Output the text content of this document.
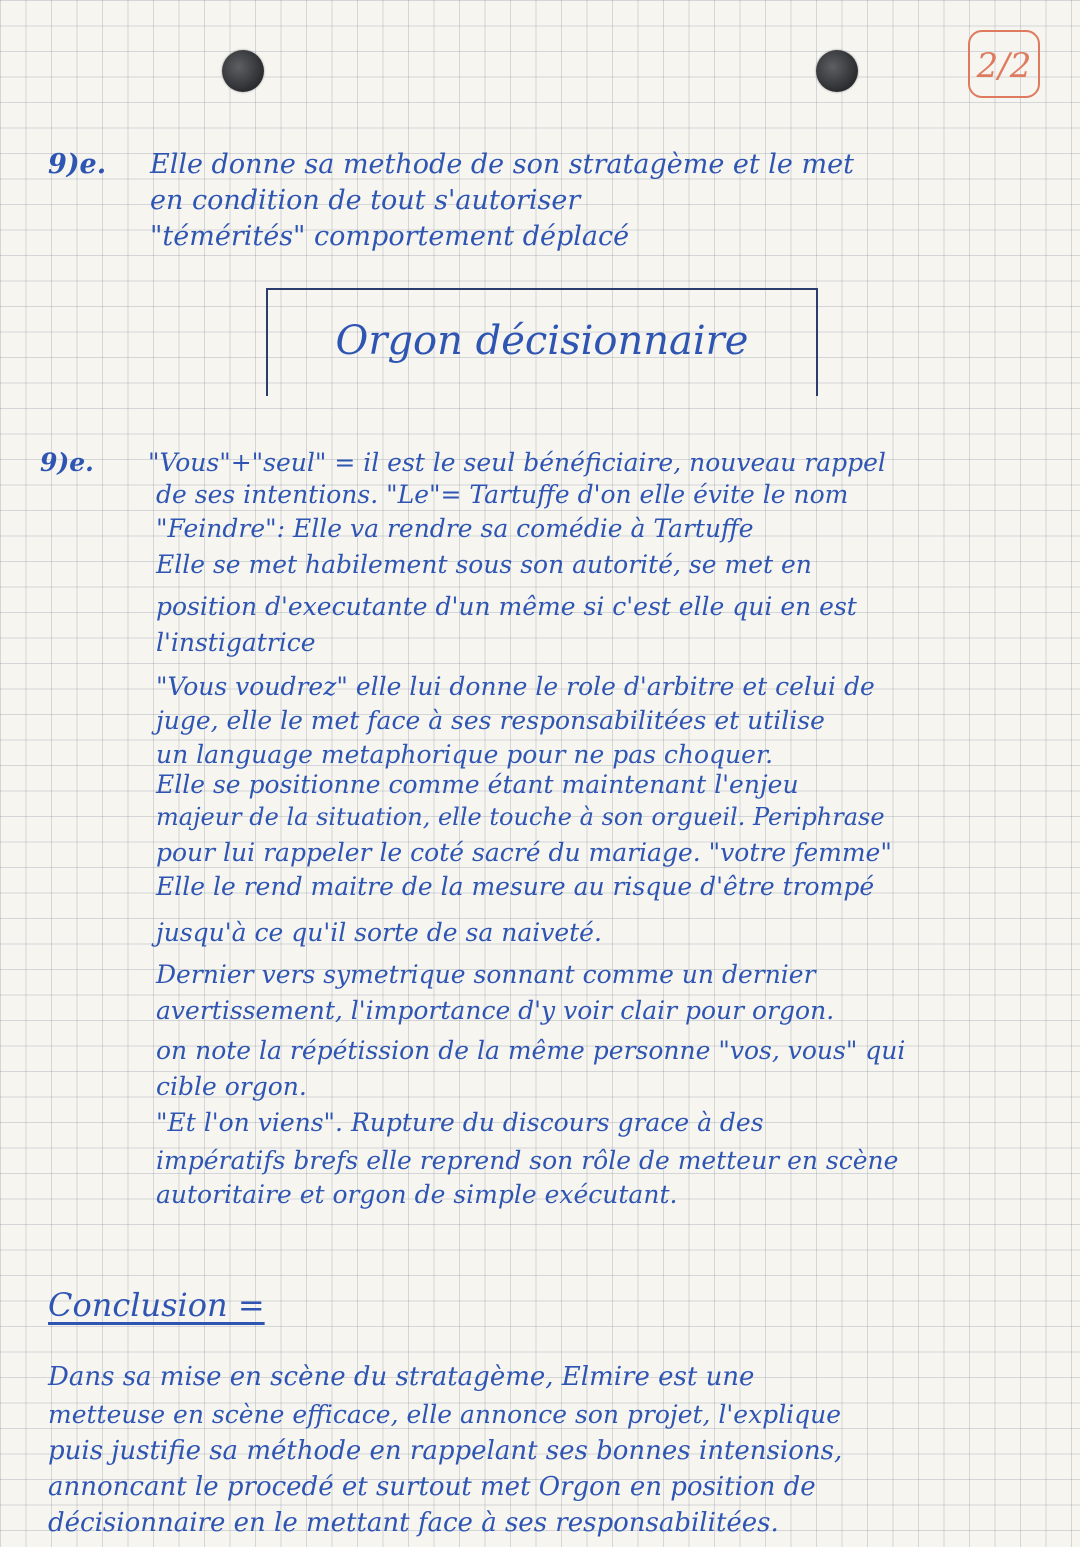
2/2
9)e. Elle donne sa methode de son stratagème et le met
en condition de tout s'autoriser
"témérités" comportement déplacé
Orgon décisionnaire
9)e. "Vous"+"seul" = il est le seul bénéficiaire, nouveau rappel
de ses intentions. "Le"= Tartuffe d'on elle évite le nom
"Feindre": Elle va rendre sa comédie à Tartuffe
Elle se met habilement sous son autorité, se met en
position d'executante d'un même si c'est elle qui en est
l'instigatrice
"Vous voudrez" elle lui donne le role d'arbitre et celui de
juge, elle le met face à ses responsabilitées et utilise
un language metaphorique pour ne pas choquer.
Elle se positionne comme étant maintenant l'enjeu
majeur de la situation, elle touche à son orgueil. Periphrase
pour lui rappeler le coté sacré du mariage. "votre femme"
Elle le rend maitre de la mesure au risque d'être trompé
jusqu'à ce qu'il sorte de sa naiveté.
Dernier vers symetrique sonnant comme un dernier
avertissement, l'importance d'y voir clair pour orgon.
on note la répétission de la même personne "vos, vous" qui
cible orgon.
"Et l'on viens". Rupture du discours grace à des
impératifs brefs elle reprend son rôle de metteur en scène
autoritaire et orgon de simple exécutant.
Conclusion =
Dans sa mise en scène du stratagème, Elmire est une
metteuse en scène efficace, elle annonce son projet, l'explique
puis justifie sa méthode en rappelant ses bonnes intensions,
annoncant le procedé et surtout met Orgon en position de
décisionnaire en le mettant face à ses responsabilitées.
